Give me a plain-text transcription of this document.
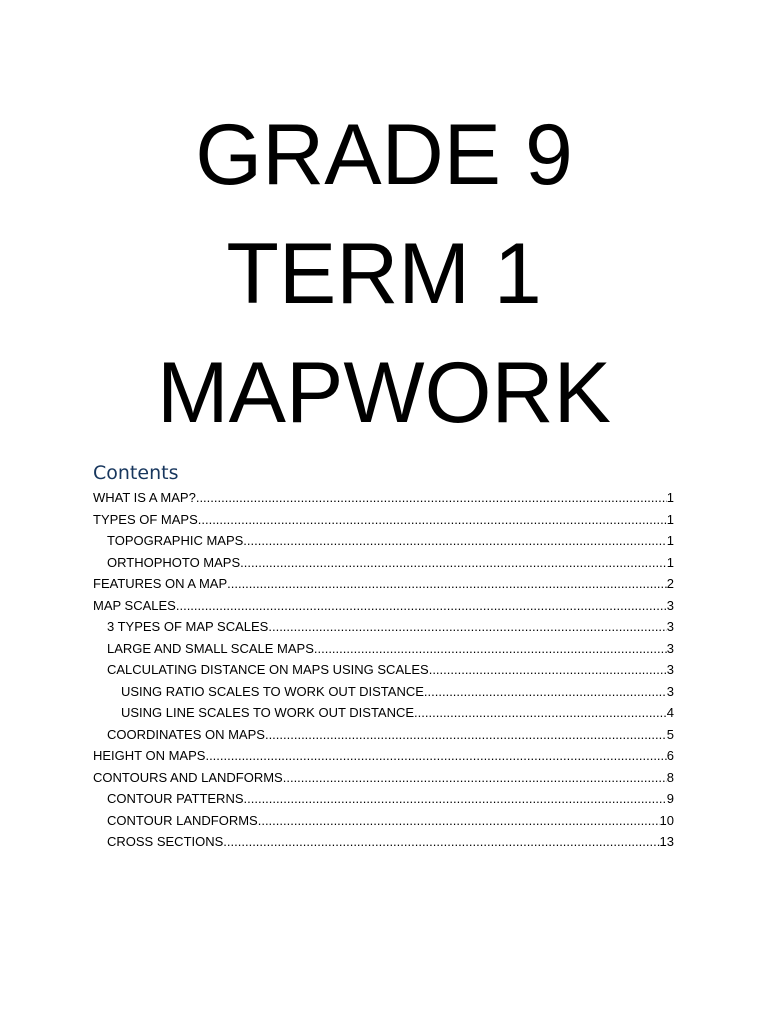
GRADE 9
TERM 1
MAPWORK
Contents
WHAT IS A MAP? .....	1
TYPES OF MAPS .....	1
TOPOGRAPHIC MAPS .....	1
ORTHOPHOTO MAPS .....	1
FEATURES ON A MAP .....	2
MAP SCALES .....	3
3 TYPES OF MAP SCALES .....	3
LARGE AND SMALL SCALE MAPS .....	3
CALCULATING DISTANCE ON MAPS USING SCALES .....	3
USING RATIO SCALES TO WORK OUT DISTANCE .....	3
USING LINE SCALES TO WORK OUT DISTANCE .....	4
COORDINATES ON MAPS .....	5
HEIGHT ON MAPS .....	6
CONTOURS AND LANDFORMS .....	8
CONTOUR PATTERNS .....	9
CONTOUR LANDFORMS .....	10
CROSS SECTIONS .....	13
